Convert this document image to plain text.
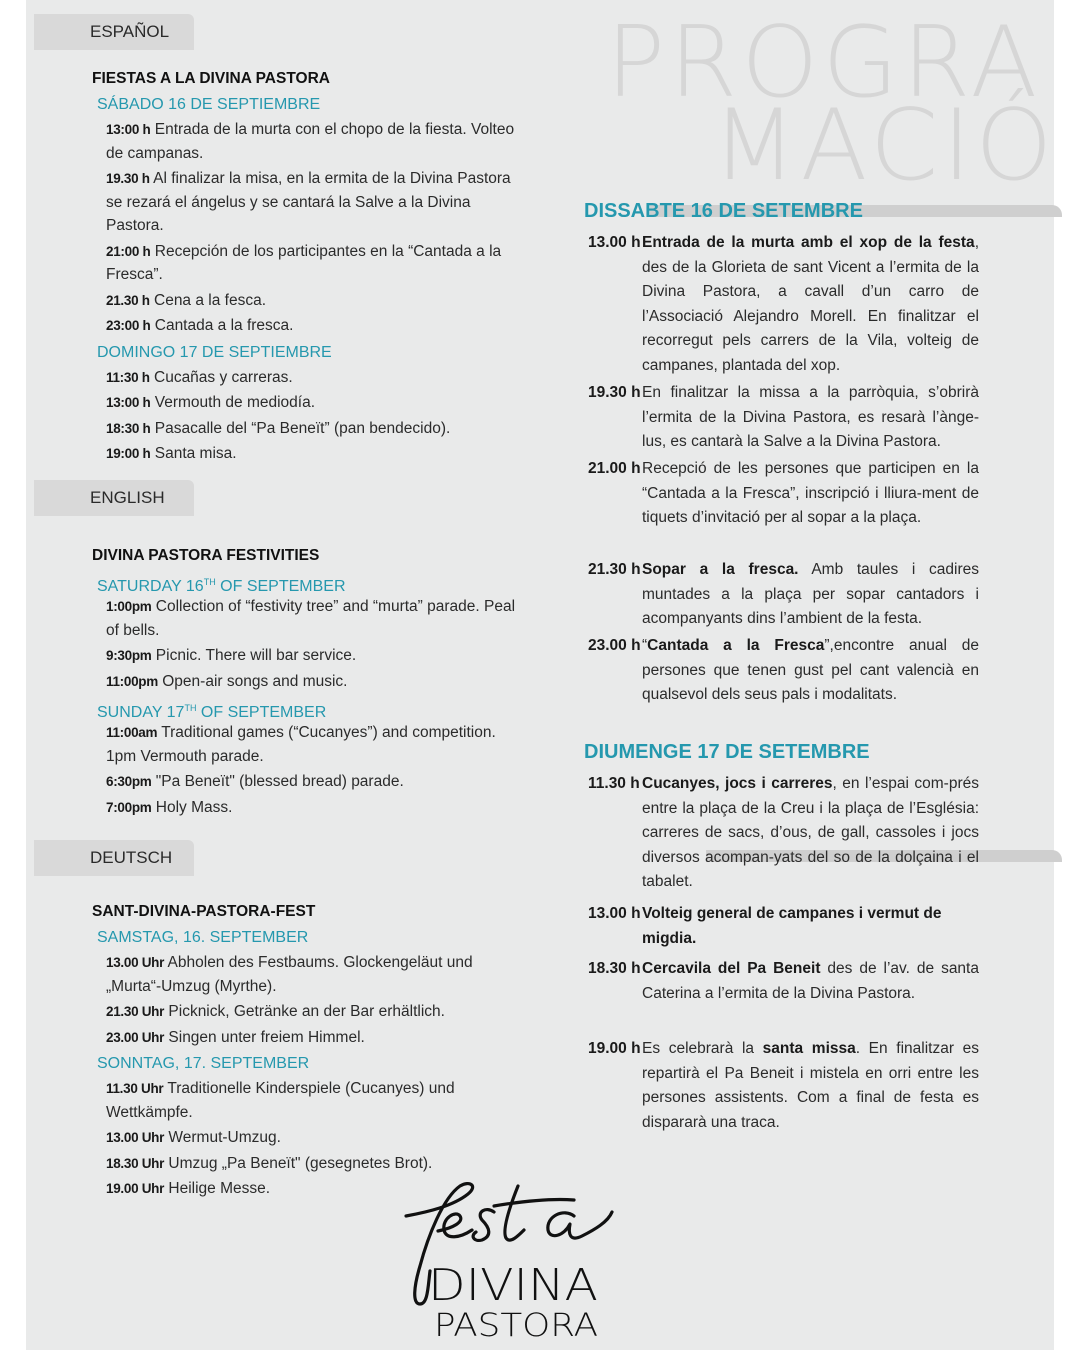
PROGRA
MACIÓ
ESPAÑOL

FIESTAS A LA DIVINA PASTORA

SÁBADO 16 DE SEPTIEMBRE

13:00 h Entrada de la murta con el chopo de la fiesta. Volteo de campanas.

19.30 h Al finalizar la misa, en la ermita de la Divina Pastora se rezará el ángelus y se cantará la Salve a la Divina Pastora.

21:00 h Recepción de los participantes en la “Cantada a la Fresca”.

21.30 h Cena a la fesca.

23:00 h Cantada a la fresca.

DOMINGO 17 DE SEPTIEMBRE

11:30 h Cucañas y carreras.

13:00 h Vermouth de mediodía.

18:30 h Pasacalle del “Pa Beneït” (pan bendecido).

19:00 h Santa misa.

ENGLISH

DIVINA PASTORA FESTIVITIES

SATURDAY 16TH OF SEPTEMBER

1:00pm Collection of “festivity tree” and “murta” parade. Peal of bells.

9:30pm Picnic. There will bar service.

11:00pm Open-air songs and music.

SUNDAY 17TH OF SEPTEMBER

11:00am Traditional games (“Cucanyes”) and competition. 1pm Vermouth parade.

6:30pm "Pa Beneït" (blessed bread) parade.

7:00pm Holy Mass.

DEUTSCH

SANT-DIVINA-PASTORA-FEST

SAMSTAG, 16. SEPTEMBER

13.00 Uhr Abholen des Festbaums. Glockengeläut und „Murta“-Umzug (Myrthe).

21.30 Uhr Picknick, Getränke an der Bar erhältlich.

23.00 Uhr Singen unter freiem Himmel.

SONNTAG, 17. SEPTEMBER

11.30 Uhr Traditionelle Kinderspiele (Cucanyes) und Wettkämpfe.

13.00 Uhr Wermut-Umzug.

18.30 Uhr Umzug „Pa Beneït" (gesegnetes Brot).

19.00 Uhr Heilige Messe.

DISSABTE 16 DE SETEMBRE
13.00 h Entrada de la murta amb el xop de la festa, des de la Glorieta de sant Vicent a l’ermita de la Divina Pastora, a cavall d’un carro de l’Associació Alejandro Morell. En finalitzar el recorregut pels carrers de la Vila, volteig de campanes, plantada del xop.
19.30 h En finalitzar la missa a la parròquia, s’obrirà l’ermita de la Divina Pastora, es resarà l’ànge-lus, es cantarà la Salve a la Divina Pastora.
21.00 h Recepció de les persones que participen en la “Cantada a la Fresca”, inscripció i lliura-ment de tiquets d’invitació per al sopar a la plaça.
21.30 h Sopar a la fresca. Amb taules i cadires muntades a la plaça per sopar cantadors i acompanyants dins l’ambient de la festa.
23.00 h “Cantada a la Fresca”,encontre anual de persones que tenen gust pel cant valencià en qualsevol dels seus pals i modalitats.
DIUMENGE 17 DE SETEMBRE
11.30 h Cucanyes, jocs i carreres, en l’espai com-prés entre la plaça de la Creu i la plaça de l’Església: carreres de sacs, d’ous, de gall, cassoles i jocs diversos acompan-yats del so de la dolçaina i el tabalet.
13.00 h Volteig general de campanes i vermut de migdia.
18.30 h Cercavila del Pa Beneit des de l’av. de santa Caterina a l’ermita de la Divina Pastora.
19.00 h Es celebrarà la santa missa. En finalitzar es repartirà el Pa Beneit i mistela en orri entre les persones assistents. Com a final de festa es dispararà una traca.
DIVINA
PASTORA
